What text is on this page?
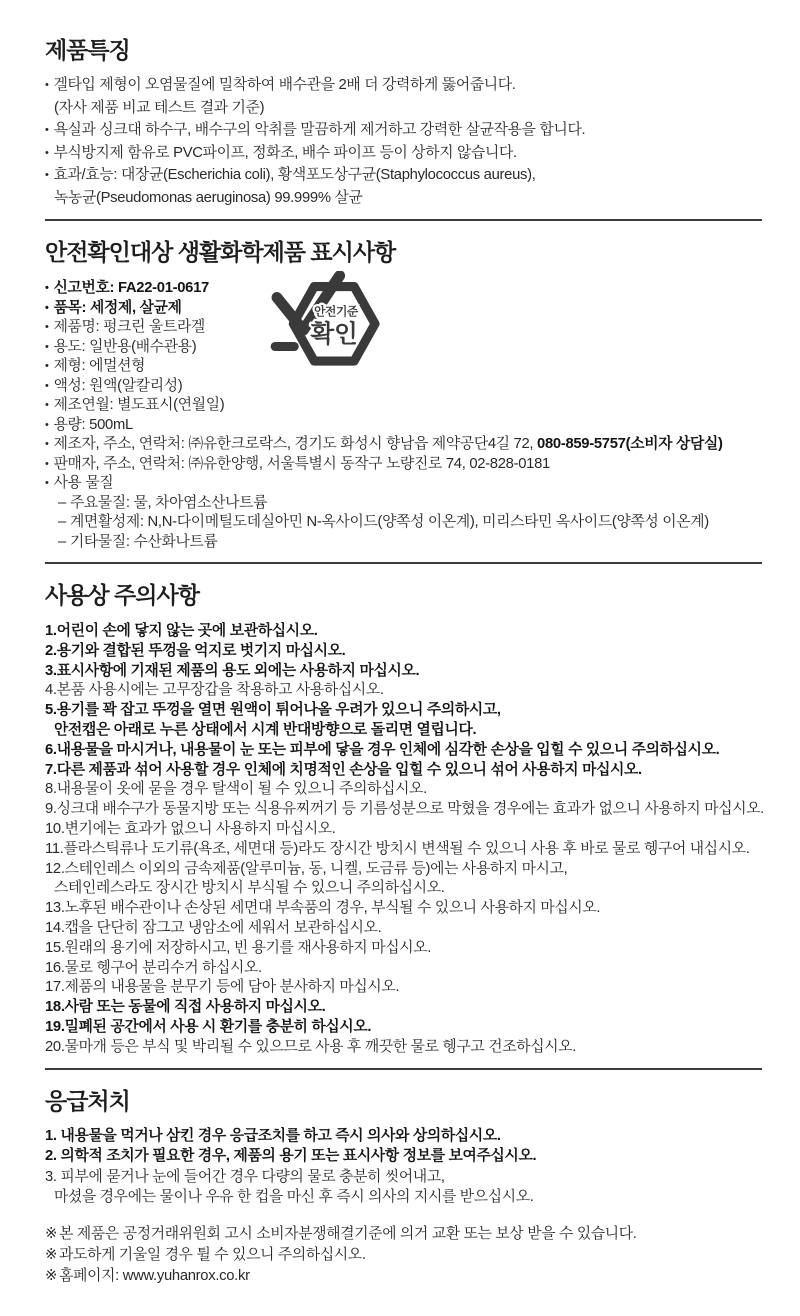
제품특징
• 겔타입 제형이 오염물질에 밀착하여 배수관을 2배 더 강력하게 뚫어줍니다.
(자사 제품 비교 테스트 결과 기준)
• 욕실과 싱크대 하수구, 배수구의 악취를 말끔하게 제거하고 강력한 살균작용을 합니다.
• 부식방지제 함유로 PVC파이프, 정화조, 배수 파이프 등이 상하지 않습니다.
• 효과/효능: 대장균(Escherichia coli), 황색포도상구균(Staphylococcus aureus),
녹농균(Pseudomonas aeruginosa) 99.999% 살균
안전확인대상 생활화학제품 표시사항
안전기준
확인
• 신고번호: FA22-01-0617
• 품목: 세정제, 살균제
• 제품명: 펑크린 울트라겔
• 용도: 일반용(배수관용)
• 제형: 에멀션형
• 액성: 원액(알칼리성)
• 제조연월: 별도표시(연월일)
• 용량: 500mL
• 제조자, 주소, 연락처: ㈜유한크로락스, 경기도 화성시 향남읍 제약공단4길 72, 080-859-5757(소비자 상담실)
• 판매자, 주소, 연락처: ㈜유한양행, 서울특별시 동작구 노량진로 74, 02-828-0181
• 사용 물질
– 주요물질: 물, 차아염소산나트륨
– 계면활성제: N,N-다이메틸도데실아민 N-옥사이드(양쪽성 이온계), 미리스타민 옥사이드(양쪽성 이온계)
– 기타물질: 수산화나트륨
사용상 주의사항
1.어린이 손에 닿지 않는 곳에 보관하십시오.
2.용기와 결합된 뚜껑을 억지로 벗기지 마십시오.
3.표시사항에 기재된 제품의 용도 외에는 사용하지 마십시오.
4.본품 사용시에는 고무장갑을 착용하고 사용하십시오.
5.용기를 꽉 잡고 뚜껑을 열면 원액이 튀어나올 우려가 있으니 주의하시고,
안전캡은 아래로 누른 상태에서 시계 반대방향으로 돌리면 열립니다.
6.내용물을 마시거나, 내용물이 눈 또는 피부에 닿을 경우 인체에 심각한 손상을 입힐 수 있으니 주의하십시오.
7.다른 제품과 섞어 사용할 경우 인체에 치명적인 손상을 입힐 수 있으니 섞어 사용하지 마십시오.
8.내용물이 옷에 묻을 경우 탈색이 될 수 있으니 주의하십시오.
9.싱크대 배수구가 동물지방 또는 식용유찌꺼기 등 기름성분으로 막혔을 경우에는 효과가 없으니 사용하지 마십시오.
10.변기에는 효과가 없으니 사용하지 마십시오.
11.플라스틱류나 도기류(욕조, 세면대 등)라도 장시간 방치시 변색될 수 있으니 사용 후 바로 물로 헹구어 내십시오.
12.스테인레스 이외의 금속제품(알루미늄, 동, 니켈, 도금류 등)에는 사용하지 마시고,
스테인레스라도 장시간 방치시 부식될 수 있으니 주의하십시오.
13.노후된 배수관이나 손상된 세면대 부속품의 경우, 부식될 수 있으니 사용하지 마십시오.
14.캡을 단단히 잠그고 냉암소에 세워서 보관하십시오.
15.원래의 용기에 저장하시고, 빈 용기를 재사용하지 마십시오.
16.물로 헹구어 분리수거 하십시오.
17.제품의 내용물을 분무기 등에 담아 분사하지 마십시오.
18.사람 또는 동물에 직접 사용하지 마십시오.
19.밀폐된 공간에서 사용 시 환기를 충분히 하십시오.
20.물마개 등은 부식 및 박리될 수 있으므로 사용 후 깨끗한 물로 헹구고 건조하십시오.
응급처치
1. 내용물을 먹거나 삼킨 경우 응급조치를 하고 즉시 의사와 상의하십시오.
2. 의학적 조치가 필요한 경우, 제품의 용기 또는 표시사항 정보를 보여주십시오.
3. 피부에 묻거나 눈에 들어간 경우 다량의 물로 충분히 씻어내고,
마셨을 경우에는 물이나 우유 한 컵을 마신 후 즉시 의사의 지시를 받으십시오.
※ 본 제품은 공정거래위원회 고시 소비자분쟁해결기준에 의거 교환 또는 보상 받을 수 있습니다.
※ 과도하게 기울일 경우 튈 수 있으니 주의하십시오.
※ 홈페이지: www.yuhanrox.co.kr
